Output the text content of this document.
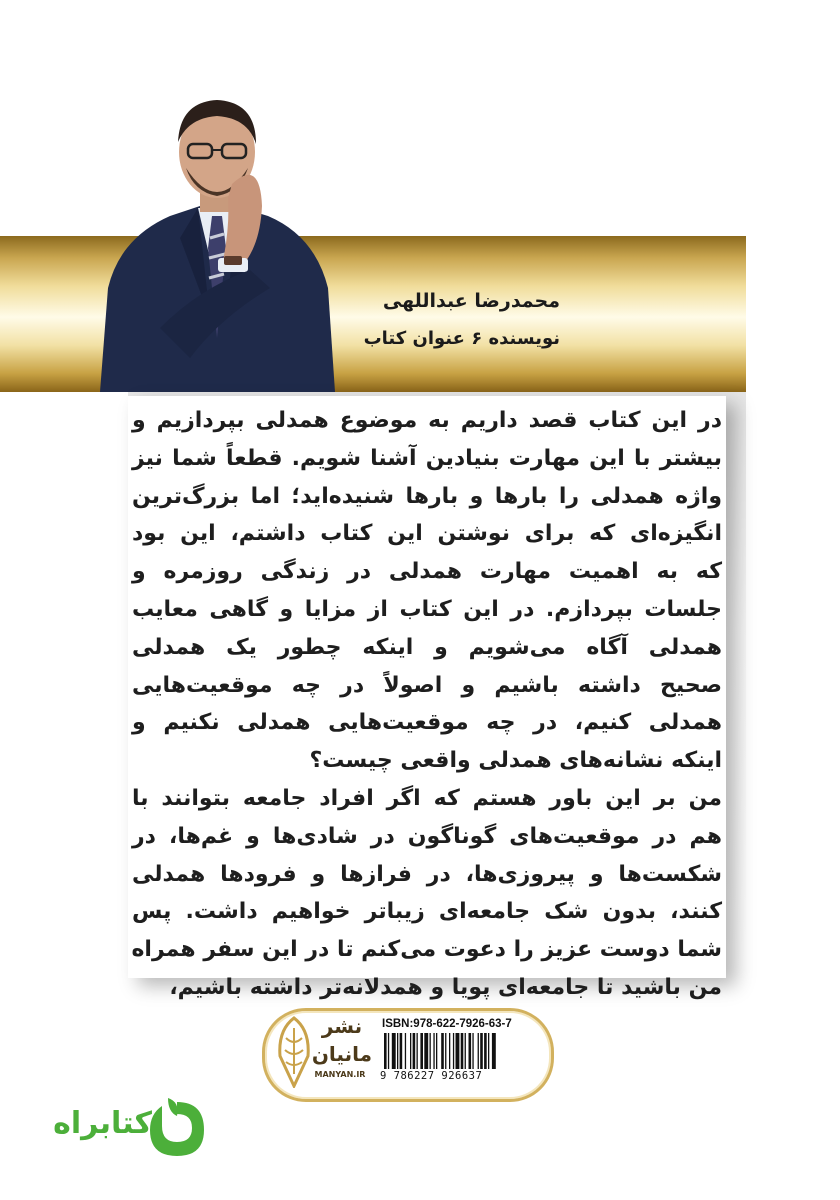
محمدرضا عبداللهی
نویسنده ۶ عنوان کتاب
در این کتاب قصد داریم به موضوع همدلی بپردازیم و
بیشتر با این مهارت بنیادین آشنا شویم. قطعاً شما نیز
واژه همدلی را بارها و بارها شنیده‌اید؛ اما بزرگ‌ترین
انگیزه‌ای که برای نوشتن این کتاب داشتم، این بود
که به اهمیت مهارت همدلی در زندگی روزمره و
جلسات بپردازم. در این کتاب از مزایا و گاهی معایب
همدلی آگاه می‌شویم و اینکه چطور یک همدلی
صحیح داشته باشیم و اصولاً در چه موقعیت‌هایی
همدلی کنیم، در چه موقعیت‌هایی همدلی نکنیم و
اینکه نشانه‌های همدلی واقعی چیست؟
من بر این باور هستم که اگر افراد جامعه بتوانند با
هم در موقعیت‌های گوناگون در شادی‌ها و غم‌ها، در
شکست‌ها و پیروزی‌ها، در فرازها و فرودها همدلی
کنند، بدون شک جامعه‌ای زیباتر خواهیم داشت. پس
شما دوست عزیز را دعوت می‌کنم تا در این سفر همراه
من باشید تا جامعه‌ای پویا و همدلانه‌تر داشته باشیم،
نشر
مانیان
MANYAN.IR
ISBN:978-622-7926-63-7
9 786227 926637
کتابراه
